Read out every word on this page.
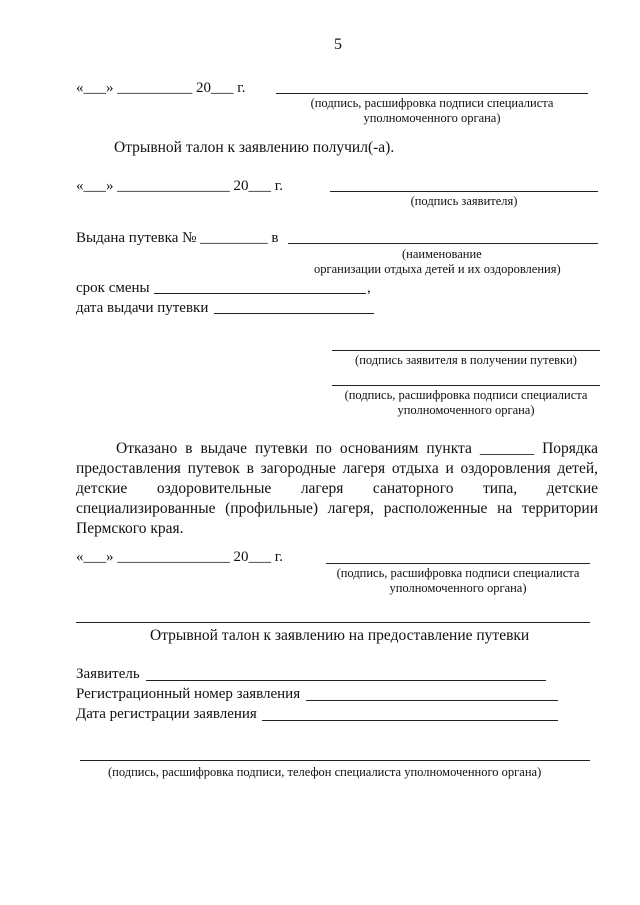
5
«___» __________ 20___ г.
(подпись, расшифровка подписи специалиста
уполномоченного органа)
Отрывной талон к заявлению получил(-а).
«___» _______________ 20___ г.
(подпись заявителя)
Выдана путевка № _________ в
(наименование
организации отдыха детей и их оздоровления)
срок смены	,
дата выдачи путевки
(подпись заявителя в получении путевки)
(подпись, расшифровка подписи специалиста
уполномоченного органа)
Отказано в выдаче путевки по основаниям пункта _______ Порядка
предоставления путевок в загородные лагеря отдыха и оздоровления детей,
детские оздоровительные лагеря санаторного типа, детские
специализированные (профильные) лагеря, расположенные на территории
Пермского края.
«___» _______________ 20___ г.
(подпись, расшифровка подписи специалиста
уполномоченного органа)
Отрывной талон к заявлению на предоставление путевки
Заявитель
Регистрационный номер заявления
Дата регистрации заявления
(подпись, расшифровка подписи, телефон специалиста уполномоченного органа)
